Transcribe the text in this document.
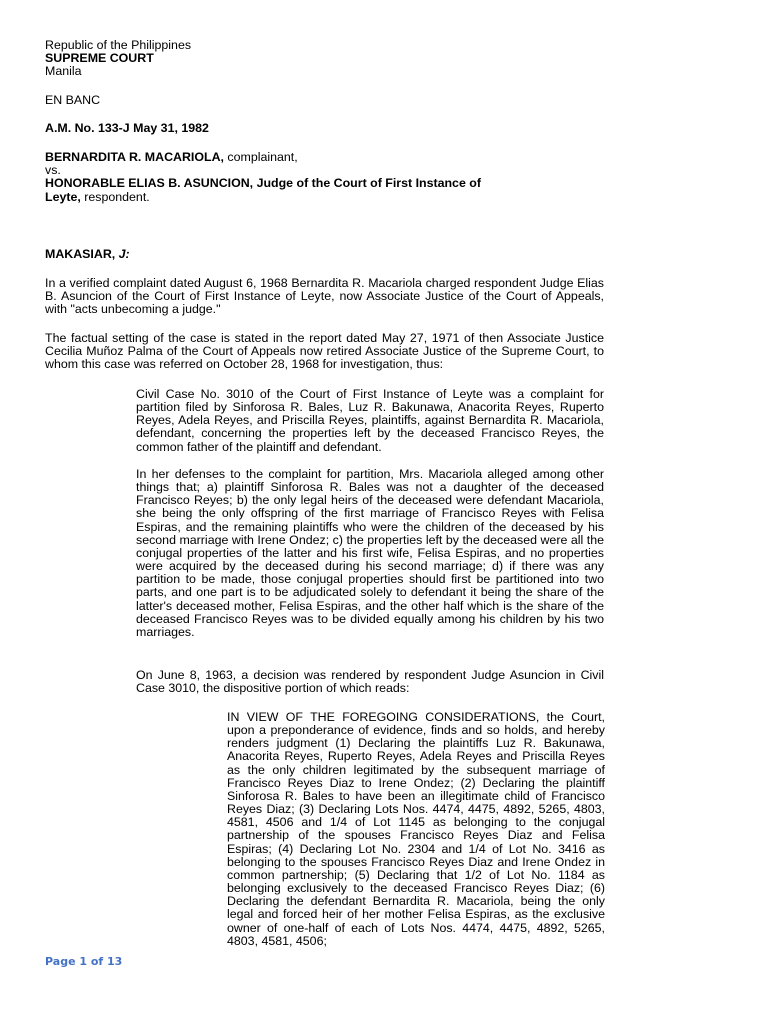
Republic of the Philippines
SUPREME COURT
Manila
EN BANC
A.M. No. 133-J May 31, 1982
BERNARDITA R. MACARIOLA, complainant,
vs.
HONORABLE ELIAS B. ASUNCION, Judge of the Court of First Instance of
Leyte, respondent.
MAKASIAR, J:

In a verified complaint dated August 6, 1968 Bernardita R. Macariola charged respondent Judge Elias B. Asuncion of the Court of First Instance of Leyte, now Associate Justice of the Court of Appeals, with "acts unbecoming a judge."

The factual setting of the case is stated in the report dated May 27, 1971 of then Associate Justice Cecilia Muñoz Palma of the Court of Appeals now retired Associate Justice of the Supreme Court, to whom this case was referred on October 28, 1968 for investigation, thus:

Civil Case No. 3010 of the Court of First Instance of Leyte was a complaint for partition filed by Sinforosa R. Bales, Luz R. Bakunawa, Anacorita Reyes, Ruperto Reyes, Adela Reyes, and Priscilla Reyes, plaintiffs, against Bernardita R. Macariola, defendant, concerning the properties left by the deceased Francisco Reyes, the common father of the plaintiff and defendant.

In her defenses to the complaint for partition, Mrs. Macariola alleged among other things that; a) plaintiff Sinforosa R. Bales was not a daughter of the deceased Francisco Reyes; b) the only legal heirs of the deceased were defendant Macariola, she being the only offspring of the first marriage of Francisco Reyes with Felisa Espiras, and the remaining plaintiffs who were the children of the deceased by his second marriage with Irene Ondez; c) the properties left by the deceased were all the conjugal properties of the latter and his first wife, Felisa Espiras, and no properties were acquired by the deceased during his second marriage; d) if there was any partition to be made, those conjugal properties should first be partitioned into two parts, and one part is to be adjudicated solely to defendant it being the share of the latter's deceased mother, Felisa Espiras, and the other half which is the share of the deceased Francisco Reyes was to be divided equally among his children by his two marriages.

On June 8, 1963, a decision was rendered by respondent Judge Asuncion in Civil Case 3010, the dispositive portion of which reads:

IN VIEW OF THE FOREGOING CONSIDERATIONS, the Court, upon a preponderance of evidence, finds and so holds, and hereby renders judgment (1) Declaring the plaintiffs Luz R. Bakunawa, Anacorita Reyes, Ruperto Reyes, Adela Reyes and Priscilla Reyes as the only children legitimated by the subsequent marriage of Francisco Reyes Diaz to Irene Ondez; (2) Declaring the plaintiff Sinforosa R. Bales to have been an illegitimate child of Francisco Reyes Diaz; (3) Declaring Lots Nos. 4474, 4475, 4892, 5265, 4803, 4581, 4506 and 1/4 of Lot 1145 as belonging to the conjugal partnership of the spouses Francisco Reyes Diaz and Felisa Espiras; (4) Declaring Lot No. 2304 and 1/4 of Lot No. 3416 as belonging to the spouses Francisco Reyes Diaz and Irene Ondez in common partnership; (5) Declaring that 1/2 of Lot No. 1184 as belonging exclusively to the deceased Francisco Reyes Diaz; (6) Declaring the defendant Bernardita R. Macariola, being the only legal and forced heir of her mother Felisa Espiras, as the exclusive owner of one-half of each of Lots Nos. 4474, 4475, 4892, 5265, 4803, 4581, 4506;

Page 1 of 13
